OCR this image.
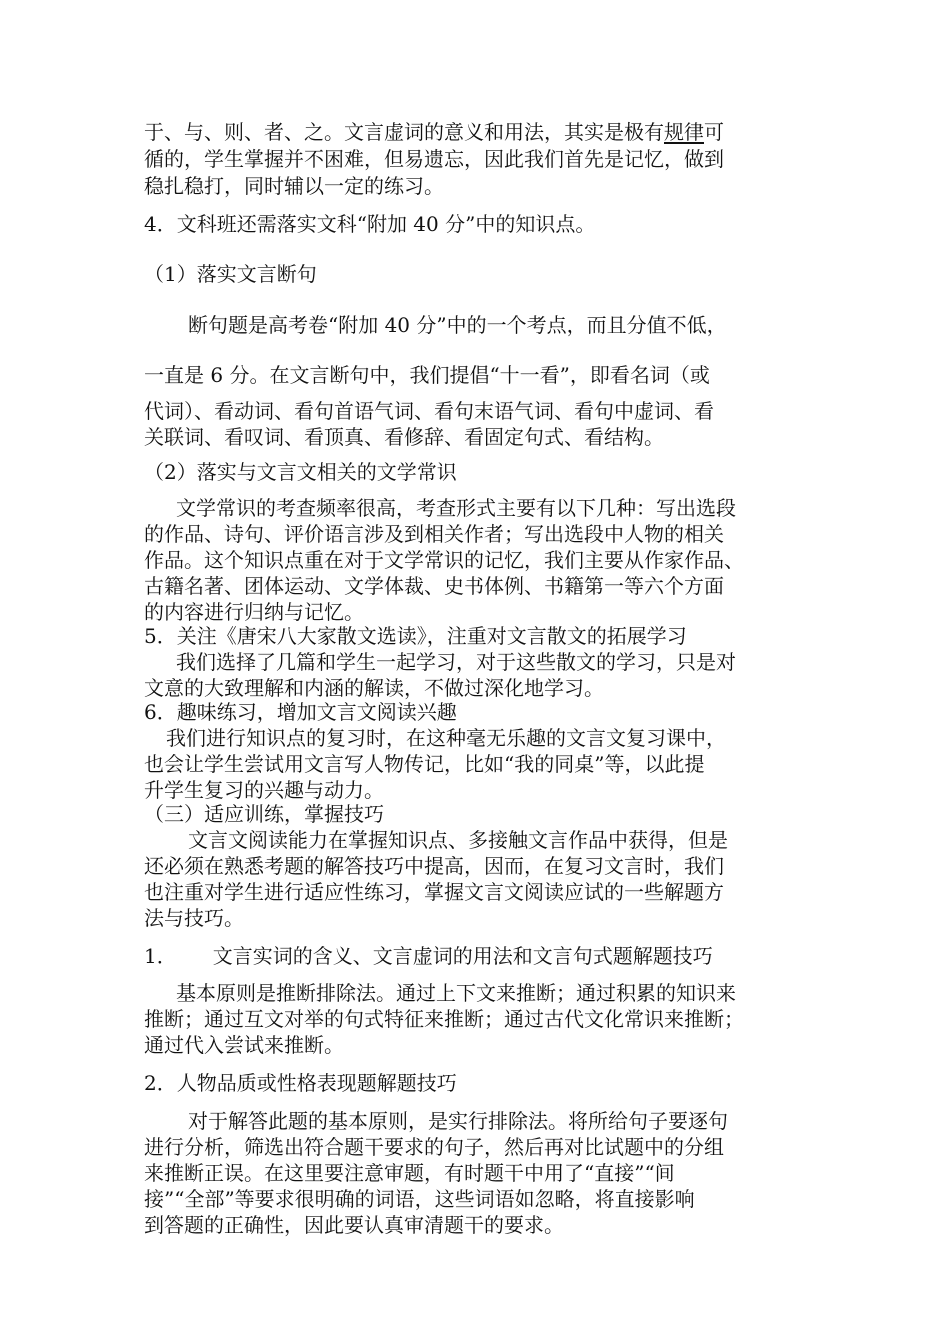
于、与、则、者、之。文言虚词的意义和用法，其实是极有规律可

循的，学生掌握并不困难，但易遗忘，因此我们首先是记忆，做到

稳扎稳打，同时辅以一定的练习。

4．文科班还需落实文科“附加 40 分”中的知识点。

（1）落实文言断句

断句题是高考卷“附加 40 分”中的一个考点，而且分值不低，

一直是 6 分。在文言断句中，我们提倡“十一看”，即看名词（或

代词）、看动词、看句首语气词、看句末语气词、看句中虚词、看

关联词、看叹词、看顶真、看修辞、看固定句式、看结构。

（2）落实与文言文相关的文学常识

文学常识的考查频率很高，考查形式主要有以下几种：写出选段

的作品、诗句、评价语言涉及到相关作者；写出选段中人物的相关

作品。这个知识点重在对于文学常识的记忆，我们主要从作家作品、

古籍名著、团体运动、文学体裁、史书体例、书籍第一等六个方面

的内容进行归纳与记忆。

5．关注《唐宋八大家散文选读》，注重对文言散文的拓展学习

我们选择了几篇和学生一起学习，对于这些散文的学习，只是对

文意的大致理解和内涵的解读，不做过深化地学习。

6．趣味练习，增加文言文阅读兴趣

我们进行知识点的复习时，在这种毫无乐趣的文言文复习课中，

也会让学生尝试用文言写人物传记，比如“我的同桌”等，以此提

升学生复习的兴趣与动力。

（三）适应训练，掌握技巧

文言文阅读能力在掌握知识点、多接触文言作品中获得，但是

还必须在熟悉考题的解答技巧中提高，因而，在复习文言时，我们

也注重对学生进行适应性练习，掌握文言文阅读应试的一些解题方

法与技巧。

1． 文言实词的含义、文言虚词的用法和文言句式题解题技巧

基本原则是推断排除法。通过上下文来推断；通过积累的知识来

推断；通过互文对举的句式特征来推断；通过古代文化常识来推断；

通过代入尝试来推断。

2．人物品质或性格表现题解题技巧

对于解答此题的基本原则，是实行排除法。将所给句子要逐句

进行分析，筛选出符合题干要求的句子，然后再对比试题中的分组

来推断正误。在这里要注意审题，有时题干中用了“直接”“间

接”“全部”等要求很明确的词语，这些词语如忽略，将直接影响

到答题的正确性，因此要认真审清题干的要求。
